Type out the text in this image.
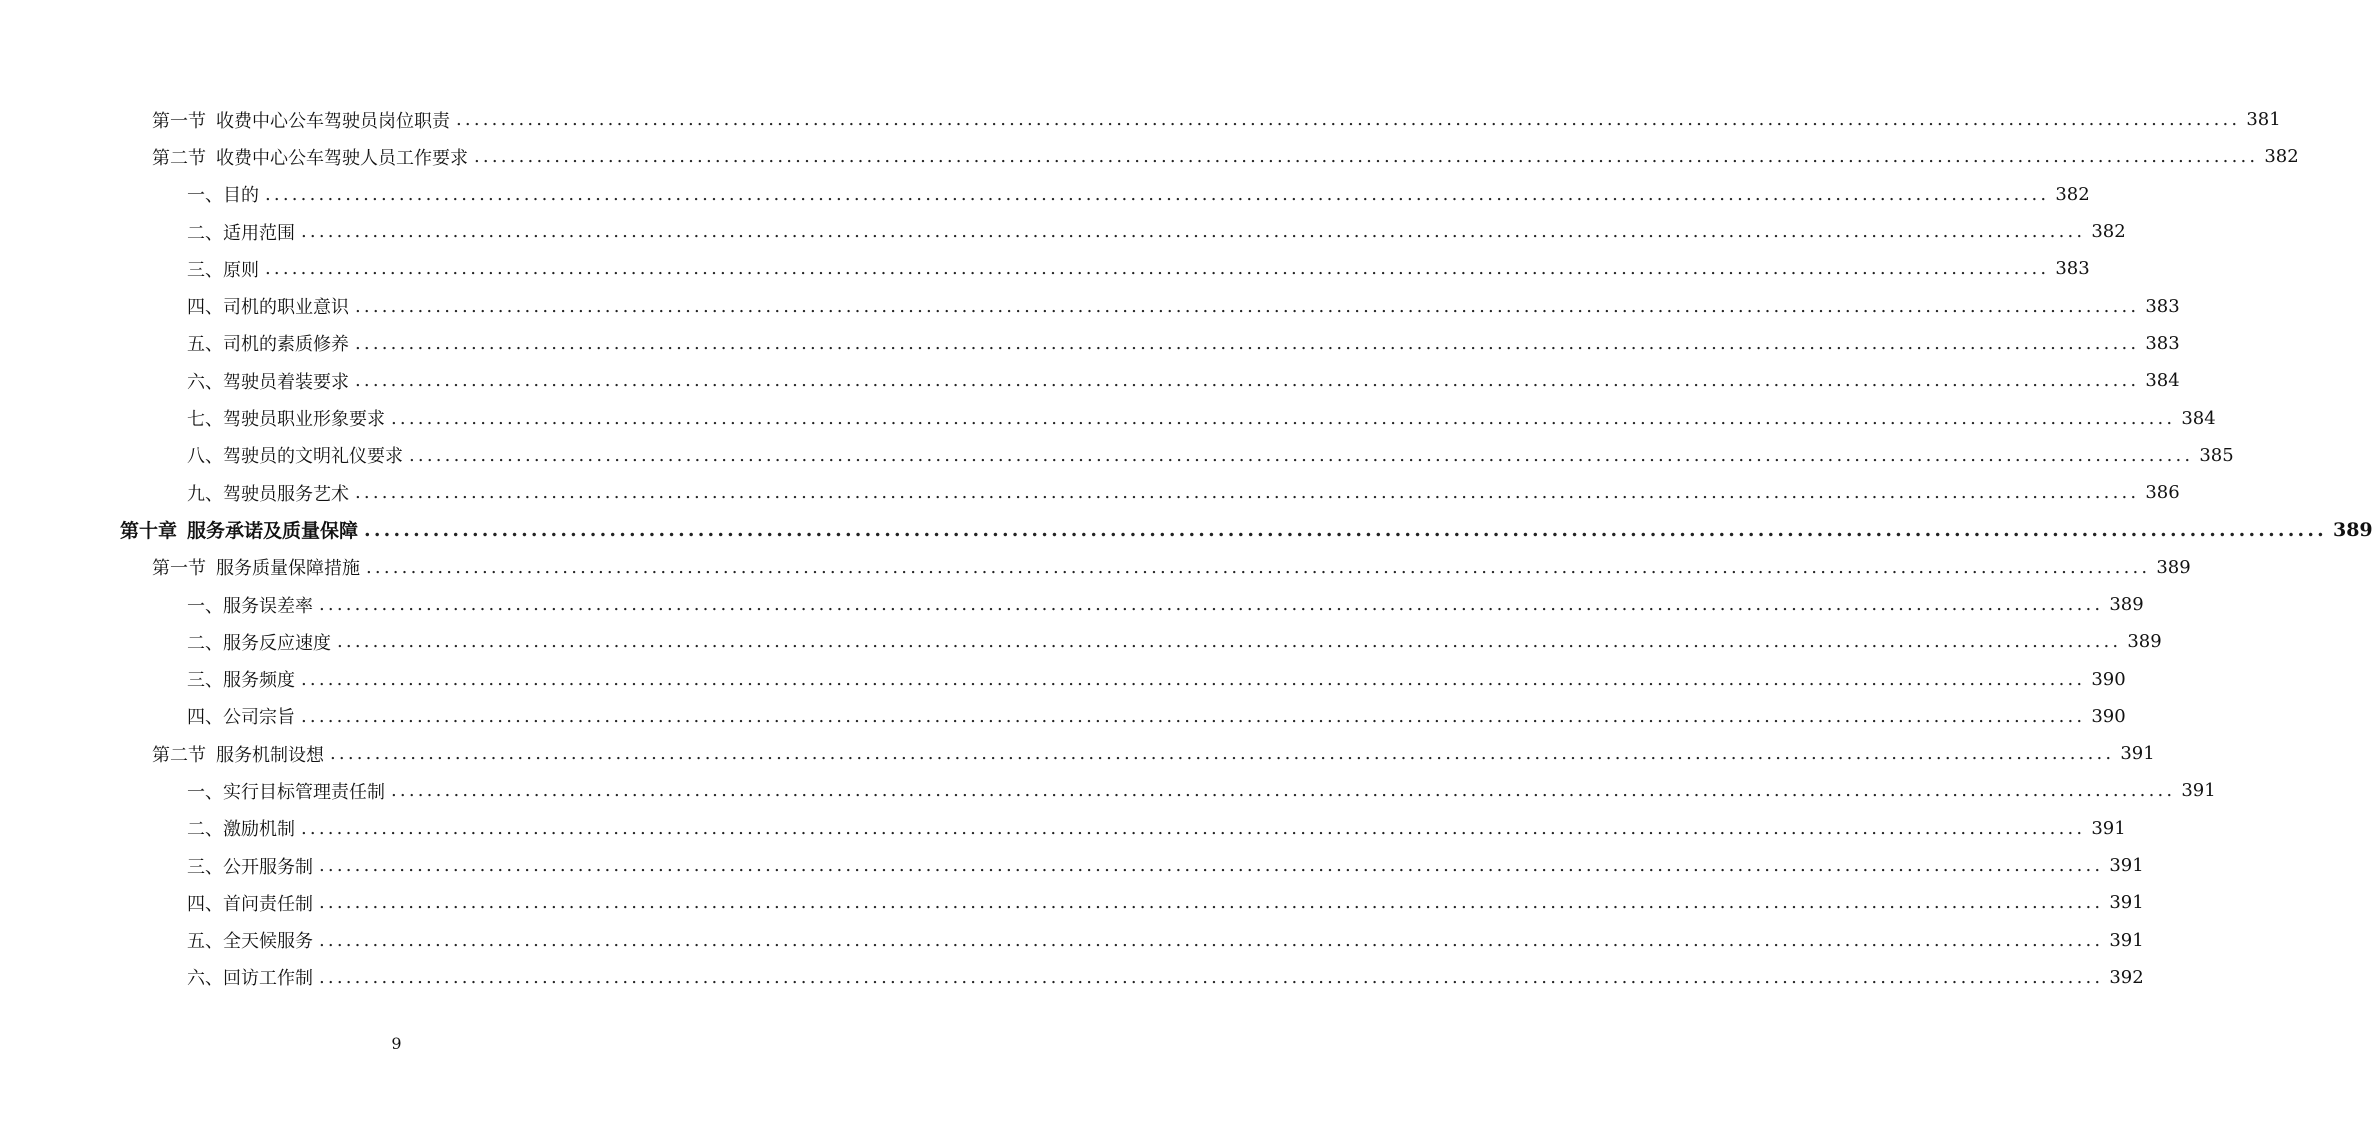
第一节 收费中心公车驾驶员岗位职责 ........................................................................................................................................................................................................ 381
第二节 收费中心公车驾驶人员工作要求 ........................................................................................................................................................................................................ 382
一、目的 ........................................................................................................................................................................................................ 382
二、适用范围 ........................................................................................................................................................................................................ 382
三、原则 ........................................................................................................................................................................................................ 383
四、司机的职业意识 ........................................................................................................................................................................................................ 383
五、司机的素质修养 ........................................................................................................................................................................................................ 383
六、驾驶员着装要求 ........................................................................................................................................................................................................ 384
七、驾驶员职业形象要求 ........................................................................................................................................................................................................ 384
八、驾驶员的文明礼仪要求 ........................................................................................................................................................................................................ 385
九、驾驶员服务艺术 ........................................................................................................................................................................................................ 386
第十章 服务承诺及质量保障 ........................................................................................................................................................................................................ 389
第一节 服务质量保障措施 ........................................................................................................................................................................................................ 389
一、服务误差率 ........................................................................................................................................................................................................ 389
二、服务反应速度 ........................................................................................................................................................................................................ 389
三、服务频度 ........................................................................................................................................................................................................ 390
四、公司宗旨 ........................................................................................................................................................................................................ 390
第二节 服务机制设想 ........................................................................................................................................................................................................ 391
一、实行目标管理责任制 ........................................................................................................................................................................................................ 391
二、激励机制 ........................................................................................................................................................................................................ 391
三、公开服务制 ........................................................................................................................................................................................................ 391
四、首问责任制 ........................................................................................................................................................................................................ 391
五、全天候服务 ........................................................................................................................................................................................................ 391
六、回访工作制 ........................................................................................................................................................................................................ 392
9
